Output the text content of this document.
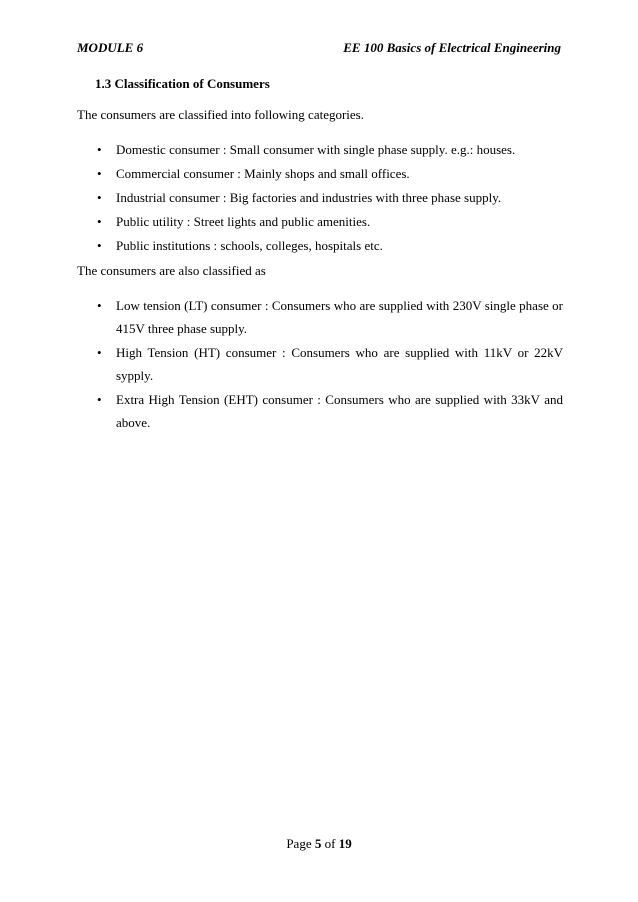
MODULE 6	EE 100 Basics of Electrical Engineering
1.3 Classification of Consumers
The consumers are classified into following categories.
• Domestic consumer : Small consumer with single phase supply. e.g.: houses.
• Commercial consumer : Mainly shops and small offices.
• Industrial consumer : Big factories and industries with three phase supply.
• Public utility : Street lights and public amenities.
• Public institutions : schools, colleges, hospitals etc.
The consumers are also classified as
• Low tension (LT) consumer : Consumers who are supplied with 230V single phase or 415V three phase supply.
• High Tension (HT) consumer : Consumers who are supplied with 11kV or 22kV sypply.
• Extra High Tension (EHT) consumer : Consumers who are supplied with 33kV and above.
Page 5 of 19
